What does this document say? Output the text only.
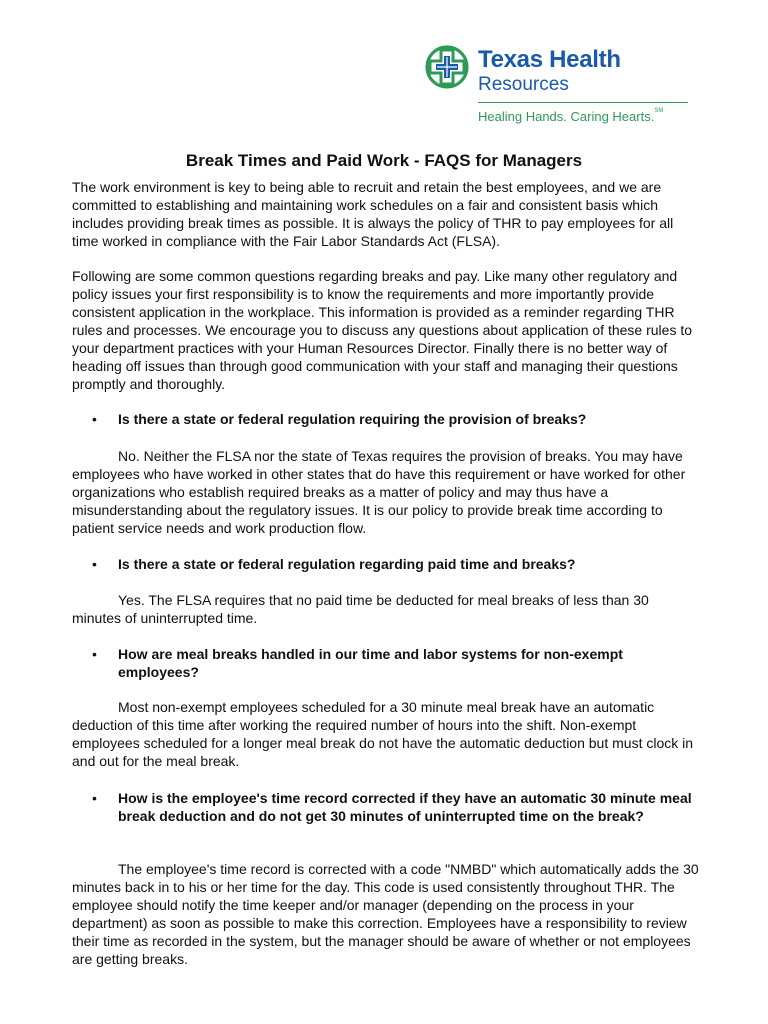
Texas Health
Resources
Healing Hands. Caring Hearts.℠
Break Times and Paid Work - FAQS for Managers

The work environment is key to being able to recruit and retain the best employees, and we are committed to establishing and maintaining work schedules on a fair and consistent basis which includes providing break times as possible. It is always the policy of THR to pay employees for all time worked in compliance with the Fair Labor Standards Act (FLSA).

Following are some common questions regarding breaks and pay. Like many other regulatory and policy issues your first responsibility is to know the requirements and more importantly provide consistent application in the workplace. This information is provided as a reminder regarding THR rules and processes. We encourage you to discuss any questions about application of these rules to your department practices with your Human Resources Director. Finally there is no better way of heading off issues than through good communication with your staff and managing their questions promptly and thoroughly.

•	Is there a state or federal regulation requiring the provision of breaks?

No. Neither the FLSA nor the state of Texas requires the provision of breaks. You may have employees who have worked in other states that do have this requirement or have worked for other organizations who establish required breaks as a matter of policy and may thus have a misunderstanding about the regulatory issues. It is our policy to provide break time according to patient service needs and work production flow.

•	Is there a state or federal regulation regarding paid time and breaks?

Yes. The FLSA requires that no paid time be deducted for meal breaks of less than 30 minutes of uninterrupted time.

•	How are meal breaks handled in our time and labor systems for non-exempt employees?

Most non-exempt employees scheduled for a 30 minute meal break have an automatic deduction of this time after working the required number of hours into the shift. Non-exempt employees scheduled for a longer meal break do not have the automatic deduction but must clock in and out for the meal break.

•	How is the employee's time record corrected if they have an automatic 30 minute meal break deduction and do not get 30 minutes of uninterrupted time on the break?

The employee's time record is corrected with a code "NMBD" which automatically adds the 30 minutes back in to his or her time for the day. This code is used consistently throughout THR. The employee should notify the time keeper and/or manager (depending on the process in your department) as soon as possible to make this correction. Employees have a responsibility to review their time as recorded in the system, but the manager should be aware of whether or not employees are getting breaks.
